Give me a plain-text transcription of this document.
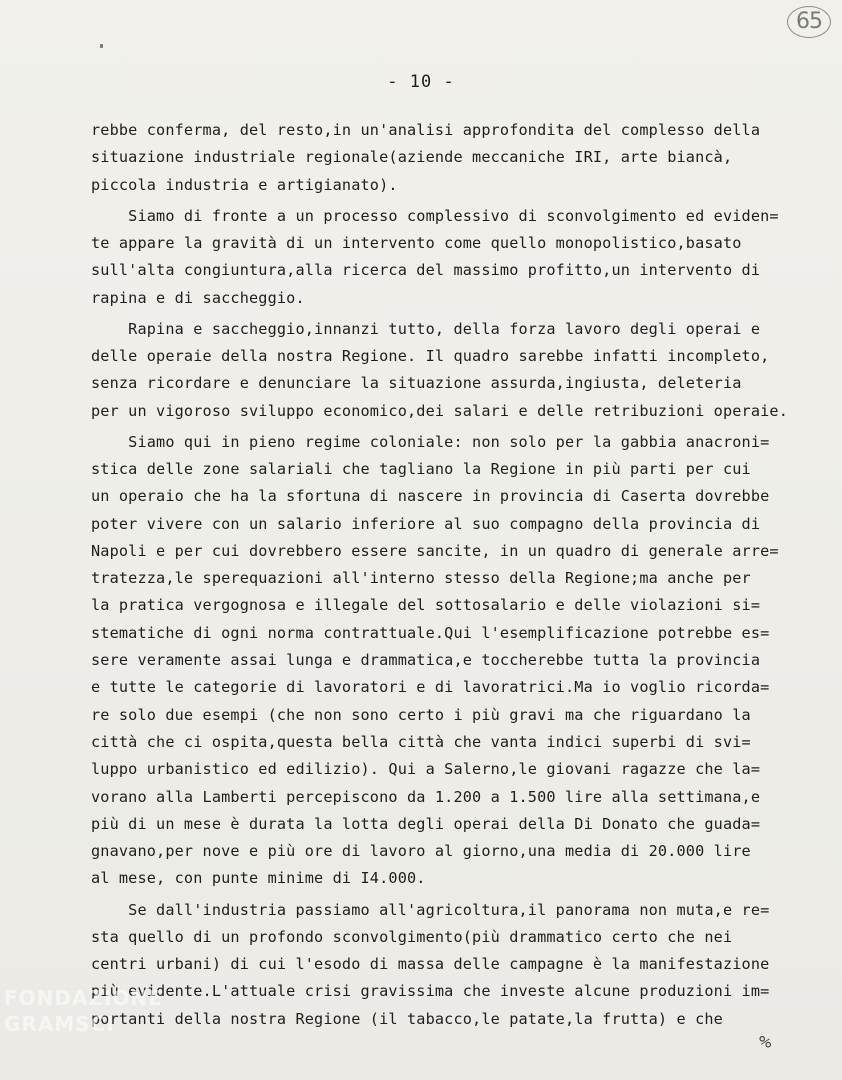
65
- 10 -
rebbe conferma, del resto,in un'analisi approfondita del complesso della
situazione industriale regionale(aziende meccaniche IRI, arte biancà,
piccola industria e artigianato).
Siamo di fronte a un processo complessivo di sconvolgimento ed eviden=
te appare la gravità di un intervento come quello monopolistico,basato
sull'alta congiuntura,alla ricerca del massimo profitto,un intervento di
rapina e di saccheggio.
Rapina e saccheggio,innanzi tutto, della forza lavoro degli operai e
delle operaie della nostra Regione. Il quadro sarebbe infatti incompleto,
senza ricordare e denunciare la situazione assurda,ingiusta, deleteria
per un vigoroso sviluppo economico,dei salari e delle retribuzioni operaie.
Siamo qui in pieno regime coloniale: non solo per la gabbia anacroni=
stica delle zone salariali che tagliano la Regione in più parti per cui
un operaio che ha la sfortuna di nascere in provincia di Caserta dovrebbe
poter vivere con un salario inferiore al suo compagno della provincia di
Napoli e per cui dovrebbero essere sancite, in un quadro di generale arre=
tratezza,le sperequazioni all'interno stesso della Regione;ma anche per
la pratica vergognosa e illegale del sottosalario e delle violazioni si=
stematiche di ogni norma contrattuale.Qui l'esemplificazione potrebbe es=
sere veramente assai lunga e drammatica,e toccherebbe tutta la provincia
e tutte le categorie di lavoratori e di lavoratrici.Ma io voglio ricorda=
re solo due esempi (che non sono certo i più gravi ma che riguardano la
città che ci ospita,questa bella città che vanta indici superbi di svi=
luppo urbanistico ed edilizio). Qui a Salerno,le giovani ragazze che la=
vorano alla Lamberti percepiscono da 1.200 a 1.500 lire alla settimana,e
più di un mese è durata la lotta degli operai della Di Donato che guada=
gnavano,per nove e più ore di lavoro al giorno,una media di 20.000 lire
al mese, con punte minime di I4.000.
Se dall'industria passiamo all'agricoltura,il panorama non muta,e re=
sta quello di un profondo sconvolgimento(più drammatico certo che nei
centri urbani) di cui l'esodo di massa delle campagne è la manifestazione
più evidente.L'attuale crisi gravissima che investe alcune produzioni im=
portanti della nostra Regione (il tabacco,le patate,la frutta) e che
%
FONDAZIONE
GRAMSCI
